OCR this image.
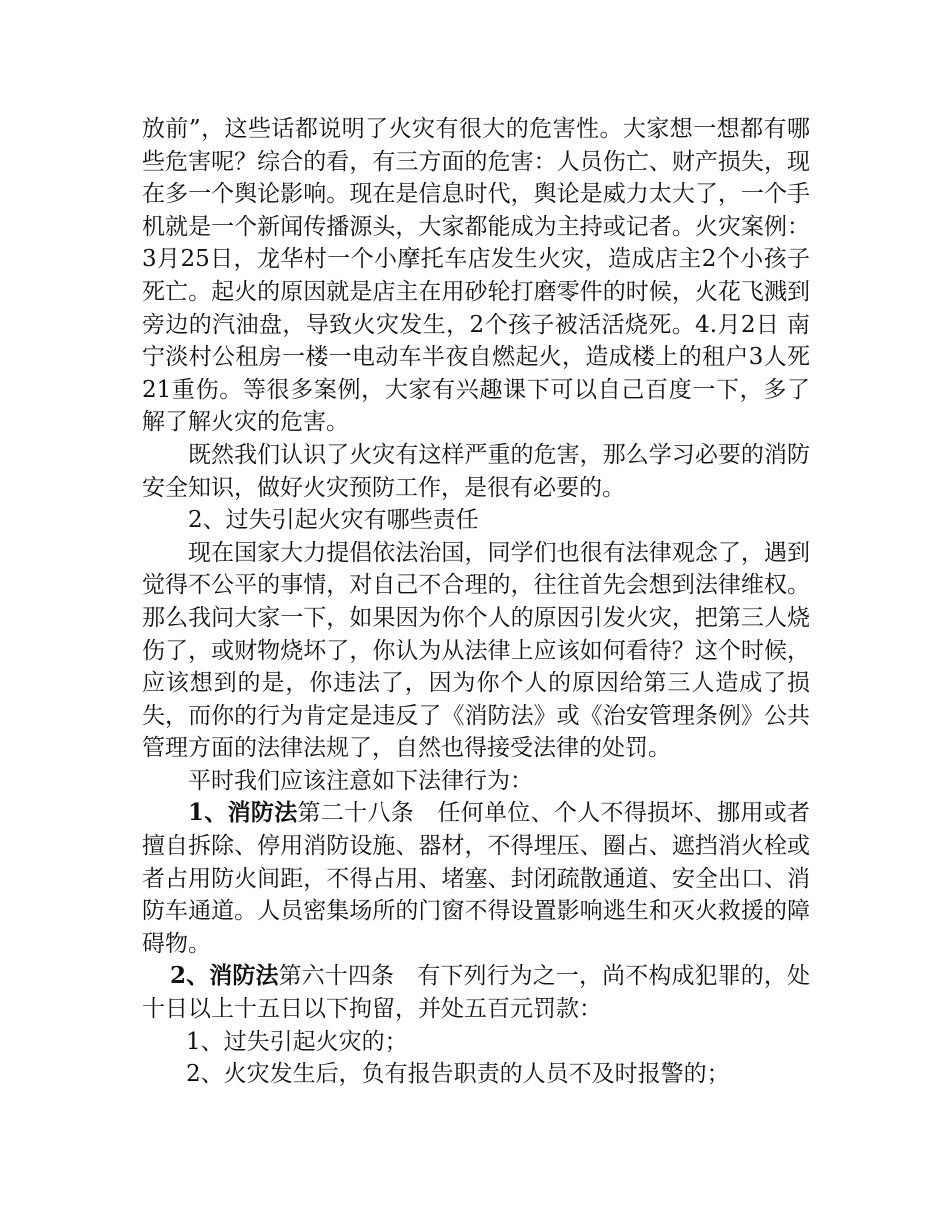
放前”，这些话都说明了火灾有很大的危害性。大家想一想都有哪些危害呢？综合的看，有三方面的危害：人员伤亡、财产损失，现在多一个舆论影响。现在是信息时代，舆论是威力太大了，一个手机就是一个新闻传播源头，大家都能成为主持或记者。火灾案例：3月25日，龙华村一个小摩托车店发生火灾，造成店主2个小孩子死亡。起火的原因就是店主在用砂轮打磨零件的时候，火花飞溅到旁边的汽油盘，导致火灾发生，2个孩子被活活烧死。4.月2日 南宁淡村公租房一楼一电动车半夜自燃起火，造成楼上的租户3人死21重伤。等很多案例，大家有兴趣课下可以自己百度一下，多了解了解火灾的危害。

既然我们认识了火灾有这样严重的危害，那么学习必要的消防安全知识，做好火灾预防工作，是很有必要的。

2、过失引起火灾有哪些责任

现在国家大力提倡依法治国，同学们也很有法律观念了，遇到觉得不公平的事情，对自己不合理的，往往首先会想到法律维权。那么我问大家一下，如果因为你个人的原因引发火灾，把第三人烧伤了，或财物烧坏了，你认为从法律上应该如何看待？这个时候，应该想到的是，你违法了，因为你个人的原因给第三人造成了损失，而你的行为肯定是违反了《消防法》或《治安管理条例》公共管理方面的法律法规了，自然也得接受法律的处罚。

平时我们应该注意如下法律行为：

1、消防法第二十八条　任何单位、个人不得损坏、挪用或者擅自拆除、停用消防设施、器材，不得埋压、圈占、遮挡消火栓或者占用防火间距，不得占用、堵塞、封闭疏散通道、安全出口、消防车通道。人员密集场所的门窗不得设置影响逃生和灭火救援的障碍物。

2、消防法第六十四条　有下列行为之一，尚不构成犯罪的，处十日以上十五日以下拘留，并处五百元罚款：

1、过失引起火灾的；

2、火灾发生后，负有报告职责的人员不及时报警的；
